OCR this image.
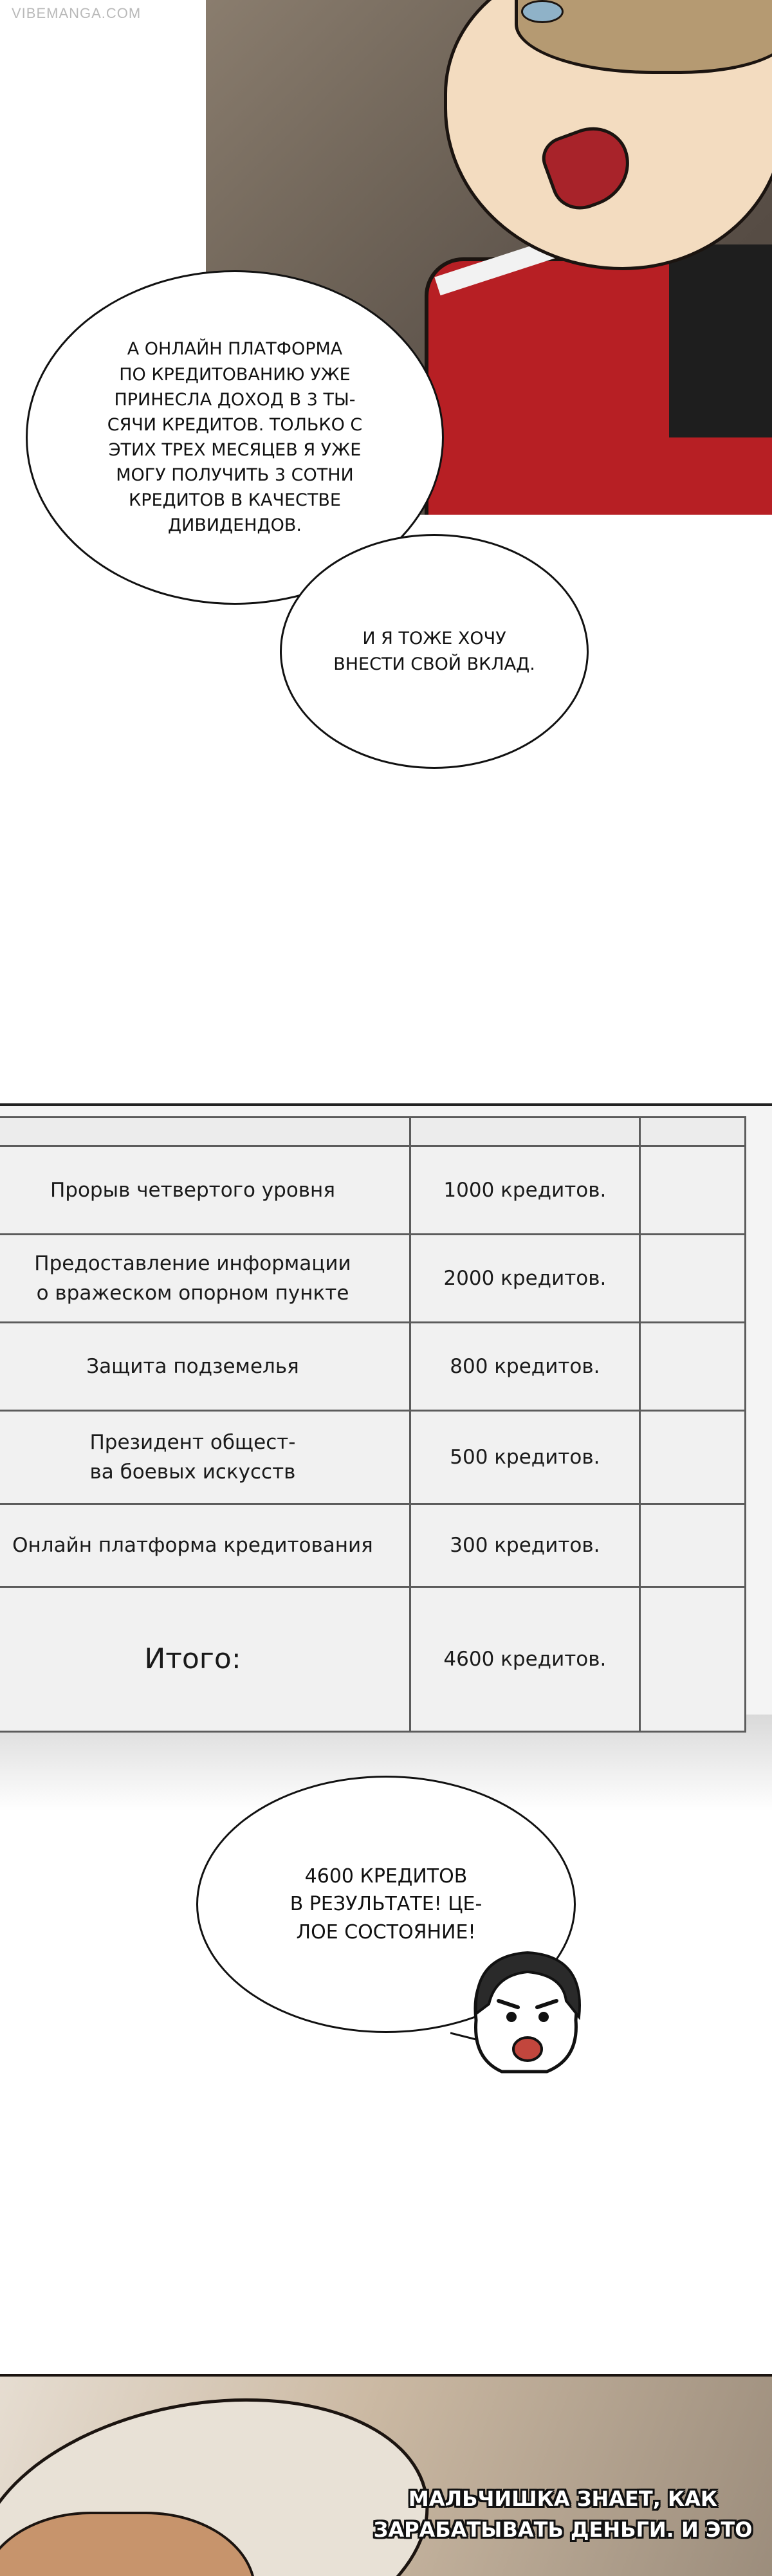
VIBEMANGA.COM
А ОНЛАЙН ПЛАТФОРМА
ПО КРЕДИТОВАНИЮ УЖЕ
ПРИНЕСЛА ДОХОД В 3 ТЫ-
СЯЧИ КРЕДИТОВ. ТОЛЬКО С
ЭТИХ ТРЕХ МЕСЯЦЕВ Я УЖЕ
МОГУ ПОЛУЧИТЬ 3 СОТНИ
КРЕДИТОВ В КАЧЕСТВЕ
ДИВИДЕНДОВ.
И Я ТОЖЕ ХОЧУ
ВНЕСТИ СВОЙ ВКЛАД.

Прорыв четвертого уровня	1000 кредитов.	
Предоставление информации
о вражеском опорном пункте	2000 кредитов.	
Защита подземелья	800 кредитов.	
Президент общест-
ва боевых искусств	500 кредитов.	
Онлайн платформа кредитования	300 кредитов.	
Итого:	4600 кредитов.	
4600 КРЕДИТОВ
В РЕЗУЛЬТАТЕ! ЦЕ-
ЛОЕ СОСТОЯНИЕ!
МАЛЬЧИШКА ЗНАЕТ, КАК
ЗАРАБАТЫВАТЬ ДЕНЬГИ. И ЭТО
